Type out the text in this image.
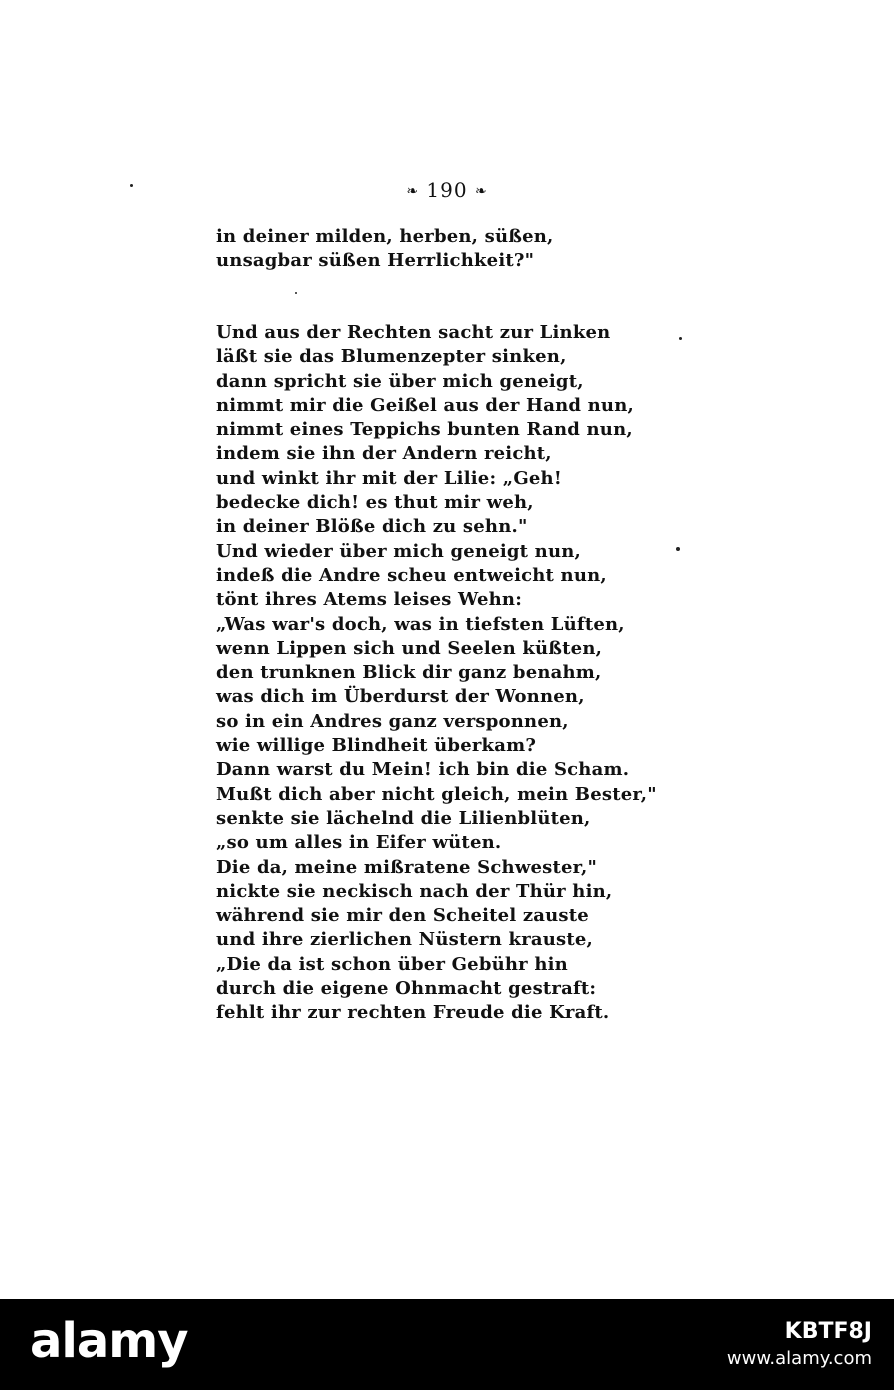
❧ 190 ❧
in deiner milden, herben, süßen,
unsagbar süßen Herrlichkeit?"
Und aus der Rechten sacht zur Linken
läßt sie das Blumenzepter sinken,
dann spricht sie über mich geneigt,
nimmt mir die Geißel aus der Hand nun,
nimmt eines Teppichs bunten Rand nun,
indem sie ihn der Andern reicht,
und winkt ihr mit der Lilie: „Geh!
bedecke dich! es thut mir weh,
in deiner Blöße dich zu sehn."
Und wieder über mich geneigt nun,
indeß die Andre scheu entweicht nun,
tönt ihres Atems leises Wehn:
„Was war's doch, was in tiefsten Lüften,
wenn Lippen sich und Seelen küßten,
den trunknen Blick dir ganz benahm,
was dich im Überdurst der Wonnen,
so in ein Andres ganz versponnen,
wie willige Blindheit überkam?
Dann warst du Mein! ich bin die Scham.
Mußt dich aber nicht gleich, mein Bester,"
senkte sie lächelnd die Lilienblüten,
„so um alles in Eifer wüten.
Die da, meine mißratene Schwester,"
nickte sie neckisch nach der Thür hin,
während sie mir den Scheitel zauste
und ihre zierlichen Nüstern krauste,
„Die da ist schon über Gebühr hin
durch die eigene Ohnmacht gestraft:
fehlt ihr zur rechten Freude die Kraft.
alamy	KBTF8J
www.alamy.com
